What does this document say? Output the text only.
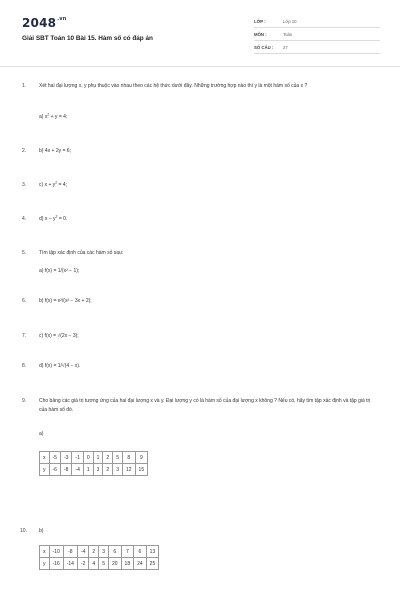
$2048^{.vn}$
Giải SBT Toán 10 Bài 15. Hàm số có đáp án
LỚP :	Lớp 10
MÔN :	Toán
SỐ CÂU : 27
1.	Xét hai đại lượng x, y phụ thuộc vào nhau theo các hệ thức dưới đây. Những trường hợp nào thì y là một hàm số của x ?
a) $x^2 + y = 4$;
2.	b) 4x + 2y = 6;
3.	c) $x + y^2 = 4$;
4.	d) $x - y^3 = 0$.
5.	Tìm tập xác định của các hàm số sau:
a) f(x) = 1/(x² − 1);
6.	b) f(x) = x²/(x² − 3x + 2);
7.	c) f(x) = √(2x − 3);
8.	d) f(x) = 1/√(4 − x).
9.	Cho bảng các giá trị tương ứng của hai đại lượng x và y. Đại lượng y có là hàm số của đại lượng x không ? Nếu có, hãy tìm tập xác định và tập giá trị của hàm số đó.
a)
x	-5	-3	-1	0	1	2	5	8	9
y	-6	-8	-4	1	3	2	3	12	15
10. b)
x	-10	-8	-4	2	3	6	7	6	13
y	-16	-14	-2	4	5	20	18	24	25
